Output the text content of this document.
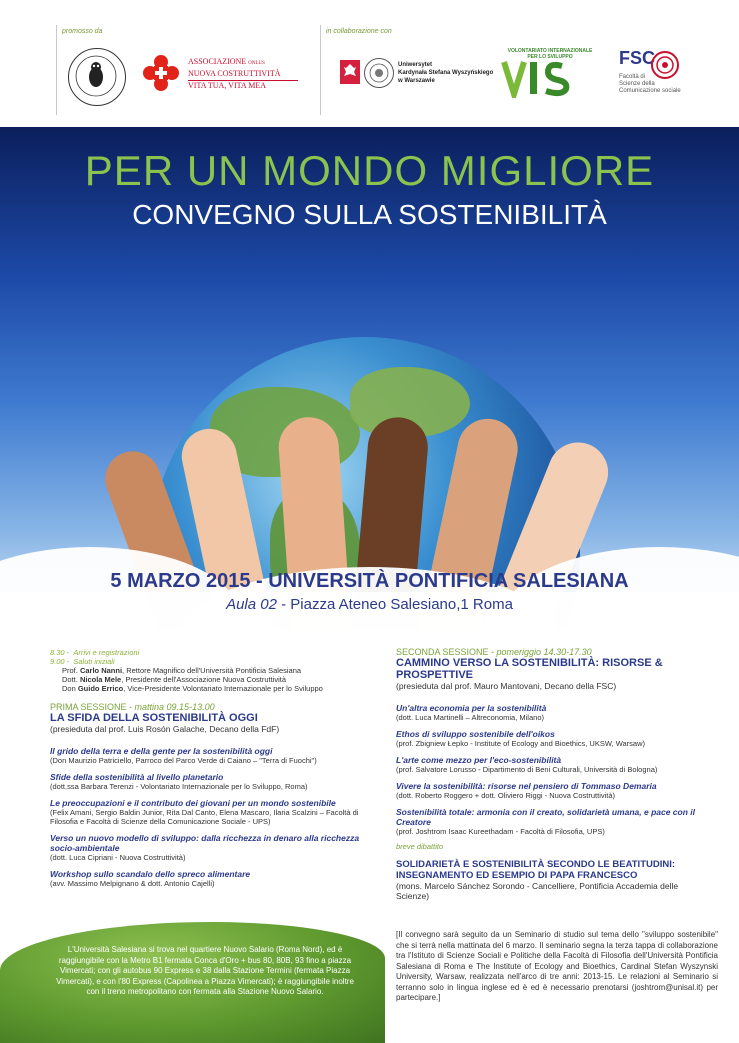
promosso da
ASSOCIAZIONE ONLUS
NUOVA COSTRUTTIVITÀ
VITA TUA, VITA MEA
in collaborazione con
Uniwersytet
Kardynała Stefana Wyszyńskiego
w Warszawie
VOLONTARIATO INTERNAZIONALE PER LO SVILUPPO	FSC
Facoltà di
Scienze della
Comunicazione sociale
PER UN MONDO MIGLIORE
CONVEGNO SULLA SOSTENIBILITÀ
5 MARZO 2015 - UNIVERSITÀ PONTIFICIA SALESIANA
Aula 02 - Piazza Ateneo Salesiano,1 Roma
8.30 - Arrivi e registrazioni
9.00 - Saluti iniziali
Prof. Carlo Nanni, Rettore Magnifico dell'Università Pontificia Salesiana
Dott. Nicola Mele, Presidente dell'Associazione Nuova Costruttività
Don Guido Errico, Vice-Presidente Volontariato Internazionale per lo Sviluppo
PRIMA SESSIONE - mattina 09.15-13.00
LA SFIDA DELLA SOSTENIBILITÀ OGGI
(presieduta dal prof. Luis Rosón Galache, Decano della FdF)
Il grido della terra e della gente per la sostenibilità oggi
(Don Maurizio Patriciello, Parroco del Parco Verde di Caiano – "Terra di Fuochi")
Sfide della sostenibilità al livello planetario
(dott.ssa Barbara Terenzi - Volontariato Internazionale per lo Sviluppo, Roma)
Le preoccupazioni e il contributo dei giovani per un mondo sostenibile
(Felix Amani, Sergio Baldin Junior, Rita Dal Canto, Elena Mascaro, Ilaria Scalzini – Facoltà di Filosofia e Facoltà di Scienze della Comunicazione Sociale - UPS)
Verso un nuovo modello di sviluppo: dalla ricchezza in denaro alla ricchezza socio-ambientale
(dott. Luca Cipriani - Nuova Costruttività)
Workshop sullo scandalo dello spreco alimentare
(avv. Massimo Melpignano & dott. Antonio Cajelli)
SECONDA SESSIONE - pomeriggio 14.30-17.30
CAMMINO VERSO LA SOSTENIBILITÀ: RISORSE & PROSPETTIVE
(presieduta dal prof. Mauro Mantovani, Decano della FSC)
Un'altra economia per la sostenibilità
(dott. Luca Martinelli – Altreconomia, Milano)
Ethos di sviluppo sostenibile dell'oikos
(prof. Zbigniew Łepko - Institute of Ecology and Bioethics, UKSW, Warsaw)
L'arte come mezzo per l'eco-sostenibilità
(prof. Salvatore Lorusso - Dipartimento di Beni Culturali, Università di Bologna)
Vivere la sostenibilità: risorse nel pensiero di Tommaso Demaria
(dott. Roberto Roggero + dott. Oliviero Riggi - Nuova Costruttività)
Sostenibilità totale: armonia con il creato, solidarietà umana, e pace con il Creatore
(prof. Joshtrom Isaac Kureethadam - Facoltà di Filosofia, UPS)
breve dibattito
SOLIDARIETÀ E SOSTENIBILITÀ SECONDO LE BEATITUDINI: INSEGNAMENTO ED ESEMPIO DI PAPA FRANCESCO
(mons. Marcelo Sánchez Sorondo - Cancelliere, Pontificia Accademia delle Scienze)
L'Università Salesiana si trova nel quartiere Nuovo Salario (Roma Nord), ed è raggiungibile con la Metro B1 fermata Conca d'Oro + bus 80, 80B, 93 fino a piazza Vimercati; con gli autobus 90 Express e 38 dalla Stazione Termini (fermata Piazza Vimercati), e con l'80 Express (Capolinea a Piazza Vimercati); è raggiungibile inoltre con il treno metropolitano con fermata alla Stazione Nuovo Salario.
[Il convegno sarà seguito da un Seminario di studio sul tema dello "sviluppo sostenibile" che si terrà nella mattinata del 6 marzo. Il seminario segna la terza tappa di collaborazione tra l'Istituto di Scienze Sociali e Politiche della Facoltà di Filosofia dell'Università Pontificia Salesiana di Roma e The Institute of Ecology and Bioethics, Cardinal Stefan Wyszynski University, Warsaw, realizzata nell'arco di tre anni: 2013-15. Le relazioni al Seminario si terranno solo in lingua inglese ed è ed è necessario prenotarsi (joshtrom@unisal.it) per partecipare.]
